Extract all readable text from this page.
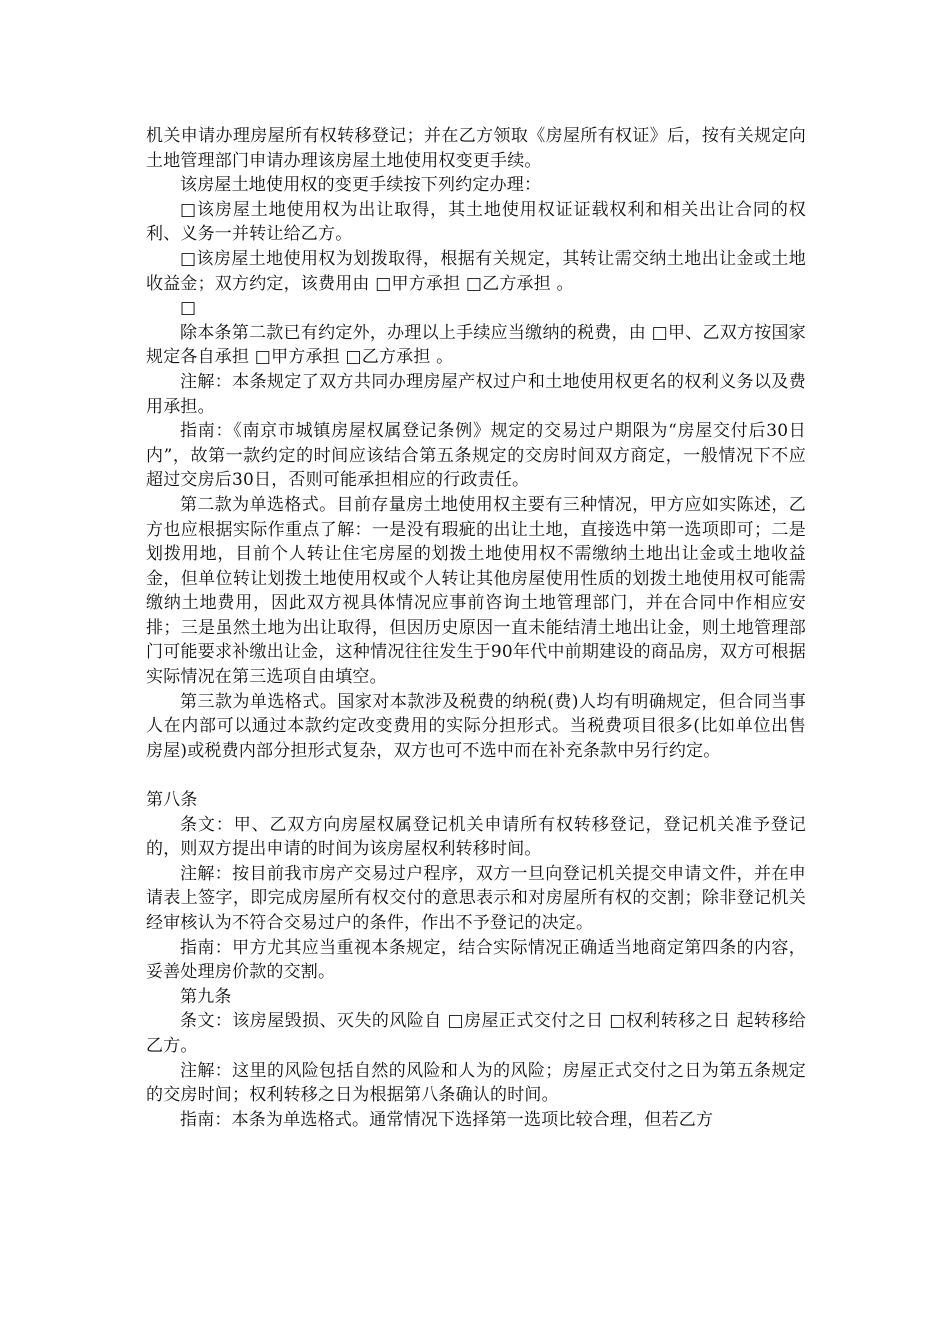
机关申请办理房屋所有权转移登记；并在乙方领取《房屋所有权证》后，按有关规定向土地管理部门申请办理该房屋土地使用权变更手续。

该房屋土地使用权的变更手续按下列约定办理：

□该房屋土地使用权为出让取得，其土地使用权证证载权利和相关出让合同的权利、义务一并转让给乙方。

□该房屋土地使用权为划拨取得，根据有关规定，其转让需交纳土地出让金或土地收益金；双方约定，该费用由 □甲方承担 □乙方承担 。

□

除本条第二款已有约定外，办理以上手续应当缴纳的税费，由 □甲、乙双方按国家规定各自承担 □甲方承担 □乙方承担 。

注解：本条规定了双方共同办理房屋产权过户和土地使用权更名的权利义务以及费用承担。

指南：《南京市城镇房屋权属登记条例》规定的交易过户期限为“房屋交付后30日内”，故第一款约定的时间应该结合第五条规定的交房时间双方商定，一般情况下不应超过交房后30日，否则可能承担相应的行政责任。

第二款为单选格式。目前存量房土地使用权主要有三种情况，甲方应如实陈述，乙方也应根据实际作重点了解：一是没有瑕疵的出让土地，直接选中第一选项即可；二是划拨用地，目前个人转让住宅房屋的划拨土地使用权不需缴纳土地出让金或土地收益金，但单位转让划拨土地使用权或个人转让其他房屋使用性质的划拨土地使用权可能需缴纳土地费用，因此双方视具体情况应事前咨询土地管理部门，并在合同中作相应安排；三是虽然土地为出让取得，但因历史原因一直未能结清土地出让金，则土地管理部门可能要求补缴出让金，这种情况往往发生于90年代中前期建设的商品房，双方可根据实际情况在第三选项自由填空。

第三款为单选格式。国家对本款涉及税费的纳税(费)人均有明确规定，但合同当事人在内部可以通过本款约定改变费用的实际分担形式。当税费项目很多(比如单位出售房屋)或税费内部分担形式复杂，双方也可不选中而在补充条款中另行约定。

第八条

条文：甲、乙双方向房屋权属登记机关申请所有权转移登记，登记机关准予登记的，则双方提出申请的时间为该房屋权利转移时间。

注解：按目前我市房产交易过户程序，双方一旦向登记机关提交申请文件，并在申请表上签字，即完成房屋所有权交付的意思表示和对房屋所有权的交割；除非登记机关经审核认为不符合交易过户的条件，作出不予登记的决定。

指南：甲方尤其应当重视本条规定，结合实际情况正确适当地商定第四条的内容，妥善处理房价款的交割。

第九条

条文：该房屋毁损、灭失的风险自 □房屋正式交付之日 □权利转移之日 起转移给乙方。

注解：这里的风险包括自然的风险和人为的风险；房屋正式交付之日为第五条规定的交房时间；权利转移之日为根据第八条确认的时间。

指南：本条为单选格式。通常情况下选择第一选项比较合理，但若乙方
